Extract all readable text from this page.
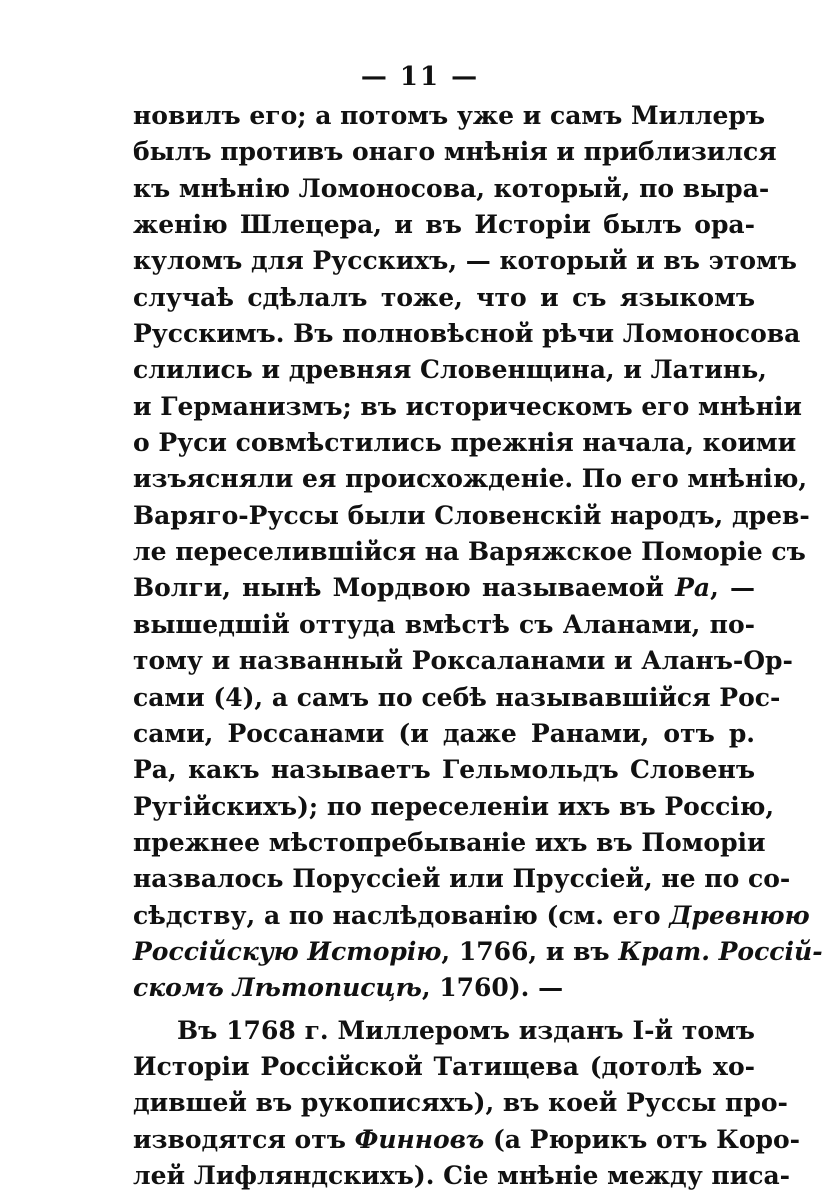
— 11 —
новилъ его; а потомъ уже и самъ Миллеръ
былъ противъ онаго мнѣнія и приблизился
къ мнѣнію Ломоносова, который, по выра-
женію Шлецера, и въ Исторіи былъ ора-
куломъ для Русскихъ, — который и въ этомъ
случаѣ сдѣлалъ тоже, что и съ языкомъ
Русскимъ. Въ полновѣсной рѣчи Ломоносова
слились и древняя Словенщина, и Латинь,
и Германизмъ; въ историческомъ его мнѣніи
о Руси совмѣстились прежнія начала, коими
изъясняли ея происхожденіе. По его мнѣнію,
Варяго-Руссы были Словенскій народъ, древ-
ле переселившійся на Варяжское Поморіе съ
Волги, нынѣ Мордвою называемой Ра, —
вышедшій оттуда вмѣстѣ съ Аланами, по-
тому и названный Роксаланами и Аланъ-Ор-
сами (4), а самъ по себѣ называвшійся Рос-
сами, Россанами (и даже Ранами, отъ р.
Ра, какъ называетъ Гельмольдъ Словенъ
Ругійскихъ); по переселеніи ихъ въ Россію,
прежнее мѣстопребываніе ихъ въ Поморіи
назвалось Поруссіей или Пруссіей, не по со-
сѣдству, а по наслѣдованію (см. его Древнюю
Россійскую Исторію, 1766, и въ Крат. Россій-
скомъ Лѣтописцѣ, 1760). —
Въ 1768 г. Миллеромъ изданъ I-й томъ
Исторіи Россійской Татищева (дотолѣ хо-
дившей въ рукописяхъ), въ коей Руссы про-
изводятся отъ Финновъ (а Рюрикъ отъ Коро-
лей Лифляндскихъ). Сіе мнѣніе между писа-
